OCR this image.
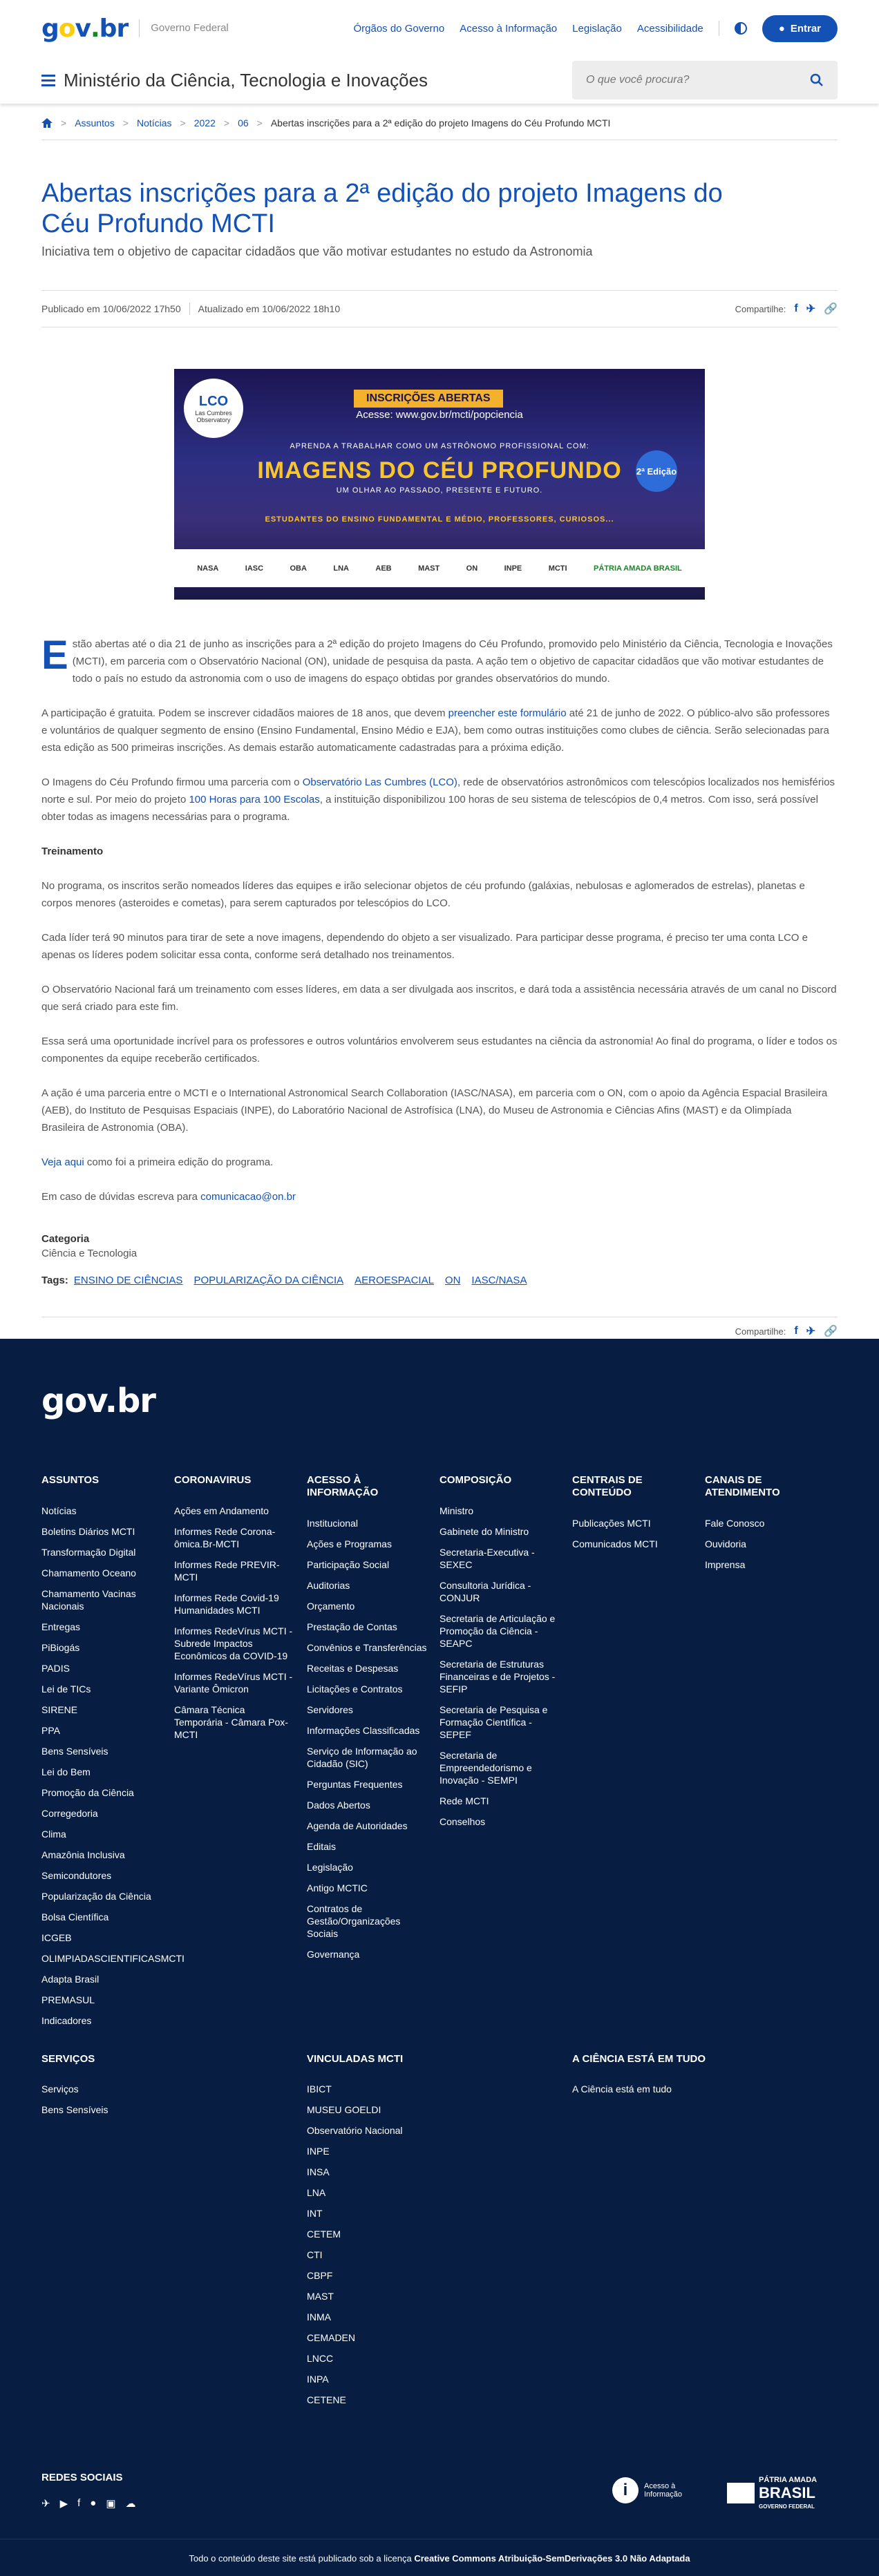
g o v . br	Governo Federal	Órgãos do Governo Acesso à Informação Legislação Acessibilidade	● Entrar
Ministério da Ciência, Tecnologia e Inovações
O que você procura?
> Assuntos > Notícias > 2022 > 06 > Abertas inscrições para a 2ª edição do projeto Imagens do Céu Profundo MCTI
Abertas inscrições para a 2ª edição do projeto Imagens do Céu Profundo MCTI
Iniciativa tem o objetivo de capacitar cidadãos que vão motivar estudantes no estudo da Astronomia
Publicado em 10/06/2022 17h50 Atualizado em 10/06/2022 18h10	Compartilhe: f ✈ 🔗
LCO
Las Cumbres Observatory
INSCRIÇÕES ABERTAS
Acesse: www.gov.br/mcti/popciencia
APRENDA A TRABALHAR COMO UM ASTRÔNOMO PROFISSIONAL COM:
IMAGENS DO CÉU PROFUNDO	2ª Edição
UM OLHAR AO PASSADO, PRESENTE E FUTURO.
ESTUDANTES DO ENSINO FUNDAMENTAL E MÉDIO, PROFESSORES, CURIOSOS...
NASA	IASC	OBA	LNA	AEB	MAST	ON	INPE	MCTI	PÁTRIA AMADA BRASIL

Estão abertas até o dia 21 de junho as inscrições para a 2ª edição do projeto Imagens do Céu Profundo, promovido pelo Ministério da Ciência, Tecnologia e Inovações (MCTI), em parceria com o Observatório Nacional (ON), unidade de pesquisa da pasta. A ação tem o objetivo de capacitar cidadãos que vão motivar estudantes de todo o país no estudo da astronomia com o uso de imagens do espaço obtidas por grandes observatórios do mundo.

A participação é gratuita. Podem se inscrever cidadãos maiores de 18 anos, que devem preencher este formulário até 21 de junho de 2022. O público-alvo são professores e voluntários de qualquer segmento de ensino (Ensino Fundamental, Ensino Médio e EJA), bem como outras instituições como clubes de ciência. Serão selecionadas para esta edição as 500 primeiras inscrições. As demais estarão automaticamente cadastradas para a próxima edição.

O Imagens do Céu Profundo firmou uma parceria com o Observatório Las Cumbres (LCO), rede de observatórios astronômicos com telescópios localizados nos hemisférios norte e sul. Por meio do projeto 100 Horas para 100 Escolas, a instituição disponibilizou 100 horas de seu sistema de telescópios de 0,4 metros. Com isso, será possível obter todas as imagens necessárias para o programa.

Treinamento

No programa, os inscritos serão nomeados líderes das equipes e irão selecionar objetos de céu profundo (galáxias, nebulosas e aglomerados de estrelas), planetas e corpos menores (asteroides e cometas), para serem capturados por telescópios do LCO.

Cada líder terá 90 minutos para tirar de sete a nove imagens, dependendo do objeto a ser visualizado. Para participar desse programa, é preciso ter uma conta LCO e apenas os líderes podem solicitar essa conta, conforme será detalhado nos treinamentos.

O Observatório Nacional fará um treinamento com esses líderes, em data a ser divulgada aos inscritos, e dará toda a assistência necessária através de um canal no Discord que será criado para este fim.

Essa será uma oportunidade incrível para os professores e outros voluntários envolverem seus estudantes na ciência da astronomia! Ao final do programa, o líder e todos os componentes da equipe receberão certificados.

A ação é uma parceria entre o MCTI e o International Astronomical Search Collaboration (IASC/NASA), em parceria com o ON, com o apoio da Agência Espacial Brasileira (AEB), do Instituto de Pesquisas Espaciais (INPE), do Laboratório Nacional de Astrofísica (LNA), do Museu de Astronomia e Ciências Afins (MAST) e da Olimpíada Brasileira de Astronomia (OBA).

Veja aqui como foi a primeira edição do programa.

Em caso de dúvidas escreva para comunicacao@on.br

Categoria
Ciência e Tecnologia
Tags: ENSINO DE CIÊNCIAS POPULARIZAÇÃO DA CIÊNCIA AEROESPACIAL ON IASC/NASA
Compartilhe: f ✈ 🔗
gov.br
ASSUNTOS
Notícias
Boletins Diários MCTI
Transformação Digital
Chamamento Oceano
Chamamento Vacinas Nacionais
Entregas
PiBiogás
PADIS
Lei de TICs
SIRENE
PPA
Bens Sensíveis
Lei do Bem
Promoção da Ciência
Corregedoria
Clima
Amazônia Inclusiva
Semicondutores
Popularização da Ciência
Bolsa Científica
ICGEB
OLIMPIADASCIENTIFICASMCTI
Adapta Brasil
PREMASUL
Indicadores
CORONAVIRUS
Ações em Andamento
Informes Rede Corona-ômica.Br-MCTI
Informes Rede PREVIR-MCTI
Informes Rede Covid-19 Humanidades MCTI
Informes RedeVírus MCTI - Subrede Impactos Econômicos da COVID-19
Informes RedeVírus MCTI - Variante Ômicron
Câmara Técnica Temporária - Câmara Pox-MCTI
ACESSO À INFORMAÇÃO
Institucional
Ações e Programas
Participação Social
Auditorias
Orçamento
Prestação de Contas
Convênios e Transferências
Receitas e Despesas
Licitações e Contratos
Servidores
Informações Classificadas
Serviço de Informação ao Cidadão (SIC)
Perguntas Frequentes
Dados Abertos
Agenda de Autoridades
Editais
Legislação
Antigo MCTIC
Contratos de Gestão/Organizações Sociais
Governança
COMPOSIÇÃO
Ministro
Gabinete do Ministro
Secretaria-Executiva - SEXEC
Consultoria Jurídica - CONJUR
Secretaria de Articulação e Promoção da Ciência - SEAPC
Secretaria de Estruturas Financeiras e de Projetos - SEFIP
Secretaria de Pesquisa e Formação Científica - SEPEF
Secretaria de Empreendedorismo e Inovação - SEMPI
Rede MCTI
Conselhos
CENTRAIS DE CONTEÚDO
Publicações MCTI
Comunicados MCTI
CANAIS DE ATENDIMENTO
Fale Conosco
Ouvidoria
Imprensa
SERVIÇOS
Serviços
Bens Sensíveis
VINCULADAS MCTI
IBICT
MUSEU GOELDI
Observatório Nacional
INPE
INSA
LNA
INT
CETEM
CTI
CBPF
MAST
INMA
CEMADEN
LNCC
INPA
CETENE
A CIÊNCIA ESTÁ EM TUDO
A Ciência está em tudo
REDES SOCIAIS
✈ ▶ f ● ▣ ☁
i	Acesso à Informação
PÁTRIA AMADA
BRASIL
GOVERNO FEDERAL
Todo o conteúdo deste site está publicado sob a licença Creative Commons Atribuição-SemDerivações 3.0 Não Adaptada
